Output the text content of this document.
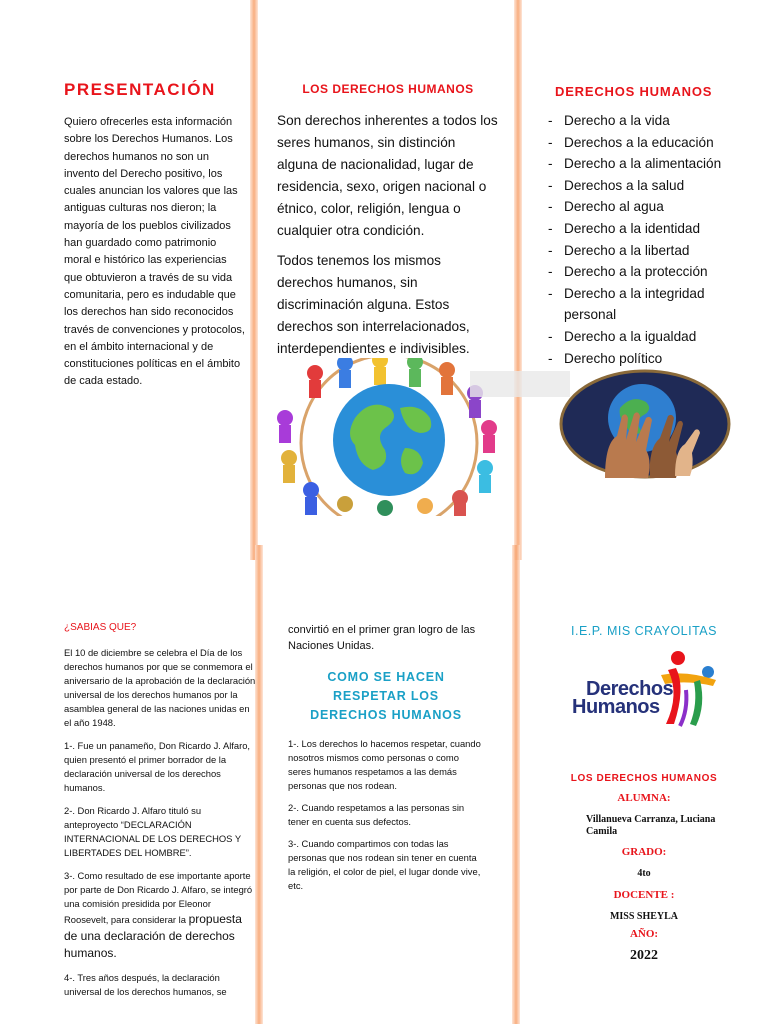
PRESENTACIÓN

Quiero ofrecerles esta información sobre los Derechos Humanos. Los derechos humanos no son un invento del Derecho positivo, los cuales anuncian los valores que las antiguas culturas nos dieron; la mayoría de los pueblos civilizados han guardado como patrimonio moral e histórico las experiencias que obtuvieron a través de su vida comunitaria, pero es indudable que los derechos han sido reconocidos través de convenciones y protocolos, en el ámbito internacional y de constituciones políticas en el ámbito de cada estado.

LOS DERECHOS HUMANOS

Son derechos inherentes a todos los seres humanos, sin distinción alguna de nacionalidad, lugar de residencia, sexo, origen nacional o étnico, color, religión, lengua o cualquier otra condición.

Todos tenemos los mismos derechos humanos, sin discriminación alguna. Estos derechos son interrelacionados, interdependientes e indivisibles.

DERECHOS HUMANOS
- Derecho a la vida
- Derechos a la educación
- Derecho a la alimentación
- Derechos a la salud
- Derecho al agua
- Derecho a la identidad
- Derecho a la libertad
- Derecho a la protección
- Derecho a la integridad personal
- Derecho a la igualdad
- Derecho político
¿SABIAS QUE?

El 10 de diciembre se celebra el Día de los derechos humanos por que se conmemora el aniversario de la aprobación de la declaración universal de los derechos humanos por la asamblea general de las naciones unidas en el año 1948.

1-. Fue un panameño, Don Ricardo J. Alfaro, quien presentó el primer borrador de la declaración universal de los derechos humanos.

2-. Don Ricardo J. Alfaro tituló su anteproyecto “DECLARACIÓN INTERNACIONAL DE LOS DERECHOS Y LIBERTADES DEL HOMBRE”.

3-. Como resultado de ese importante aporte por parte de Don Ricardo J. Alfaro, se integró una comisión presidida por Eleonor Roosevelt, para considerar la propuesta de una declaración de derechos humanos.

4-. Tres años después, la declaración universal de los derechos humanos, se

convirtió en el primer gran logro de las Naciones Unidas.

COMO SE HACEN
RESPETAR LOS
DERECHOS HUMANOS

1-. Los derechos lo hacemos respetar, cuando nosotros mismos como personas o como seres humanos respetamos a las demás personas que nos rodean.

2-. Cuando respetamos a las personas sin tener en cuenta sus defectos.

3-. Cuando compartimos con todas las personas que nos rodean sin tener en cuenta la religión, el color de piel, el lugar donde vive, etc.

I.E.P. MIS CRAYOLITAS
Derechos
Humanos
LOS DERECHOS HUMANOS
ALUMNA:
Villanueva Carranza, Luciana Camila
GRADO:
4to
DOCENTE :
MISS SHEYLA
AÑO:
2022
